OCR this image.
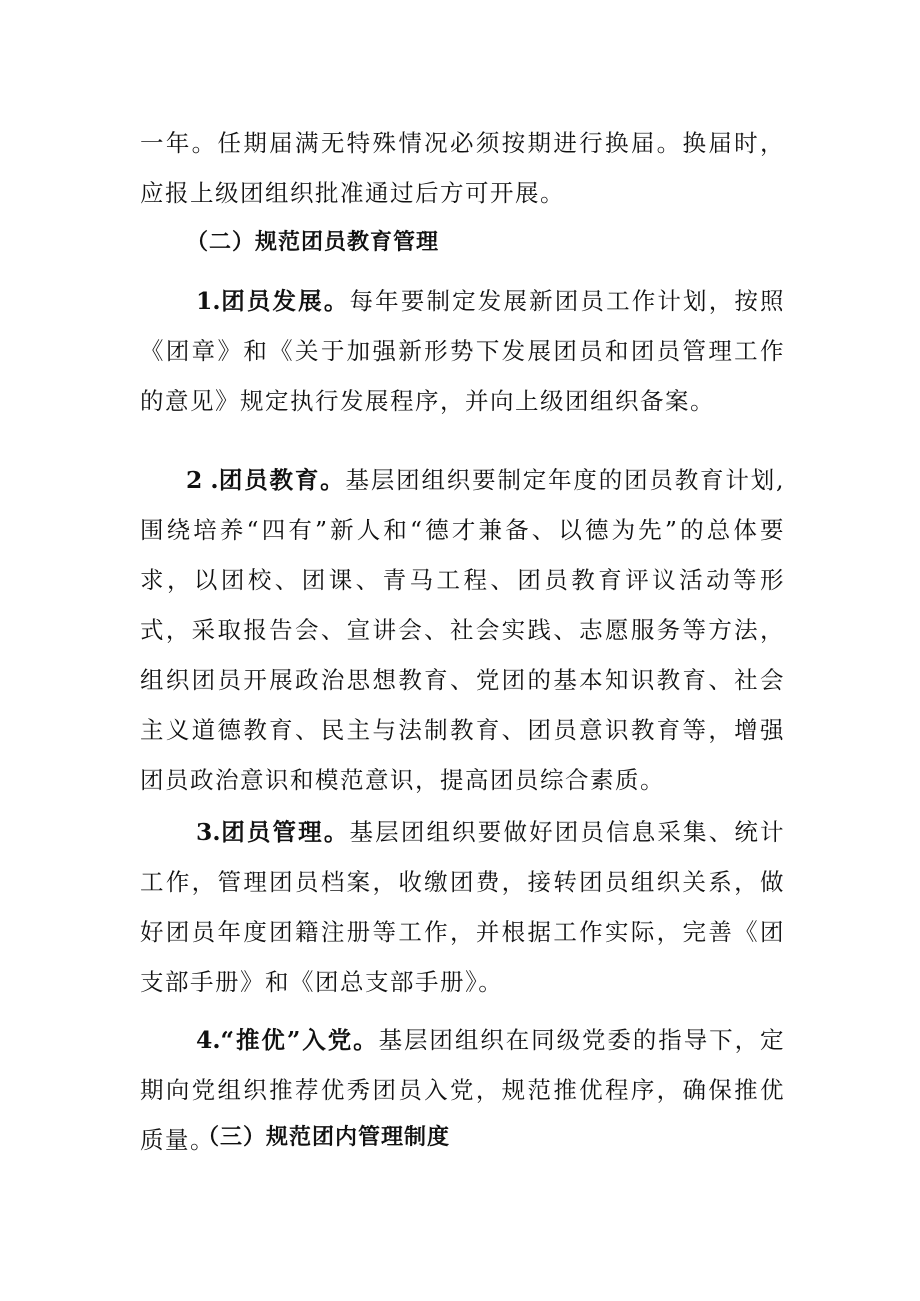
一年。任期届满无特殊情况必须按期进行换届。换届时，应报上级团组织批准通过后方可开展。

（二）规范团员教育管理

1.团员发展。每年要制定发展新团员工作计划，按照《团章》和《关于加强新形势下发展团员和团员管理工作的意见》规定执行发展程序，并向上级团组织备案。

2 .团员教育。基层团组织要制定年度的团员教育计划,围绕培养“四有”新人和“德才兼备、以德为先”的总体要求，以团校、团课、青马工程、团员教育评议活动等形式，采取报告会、宣讲会、社会实践、志愿服务等方法，组织团员开展政治思想教育、党团的基本知识教育、社会主义道德教育、民主与法制教育、团员意识教育等，增强团员政治意识和模范意识，提高团员综合素质。

3.团员管理。基层团组织要做好团员信息采集、统计工作，管理团员档案，收缴团费，接转团员组织关系，做好团员年度团籍注册等工作，并根据工作实际，完善《团支部手册》和《团总支部手册》。

4.“推优”入党。基层团组织在同级党委的指导下，定期向党组织推荐优秀团员入党，规范推优程序，确保推优质量。

（三）规范团内管理制度
